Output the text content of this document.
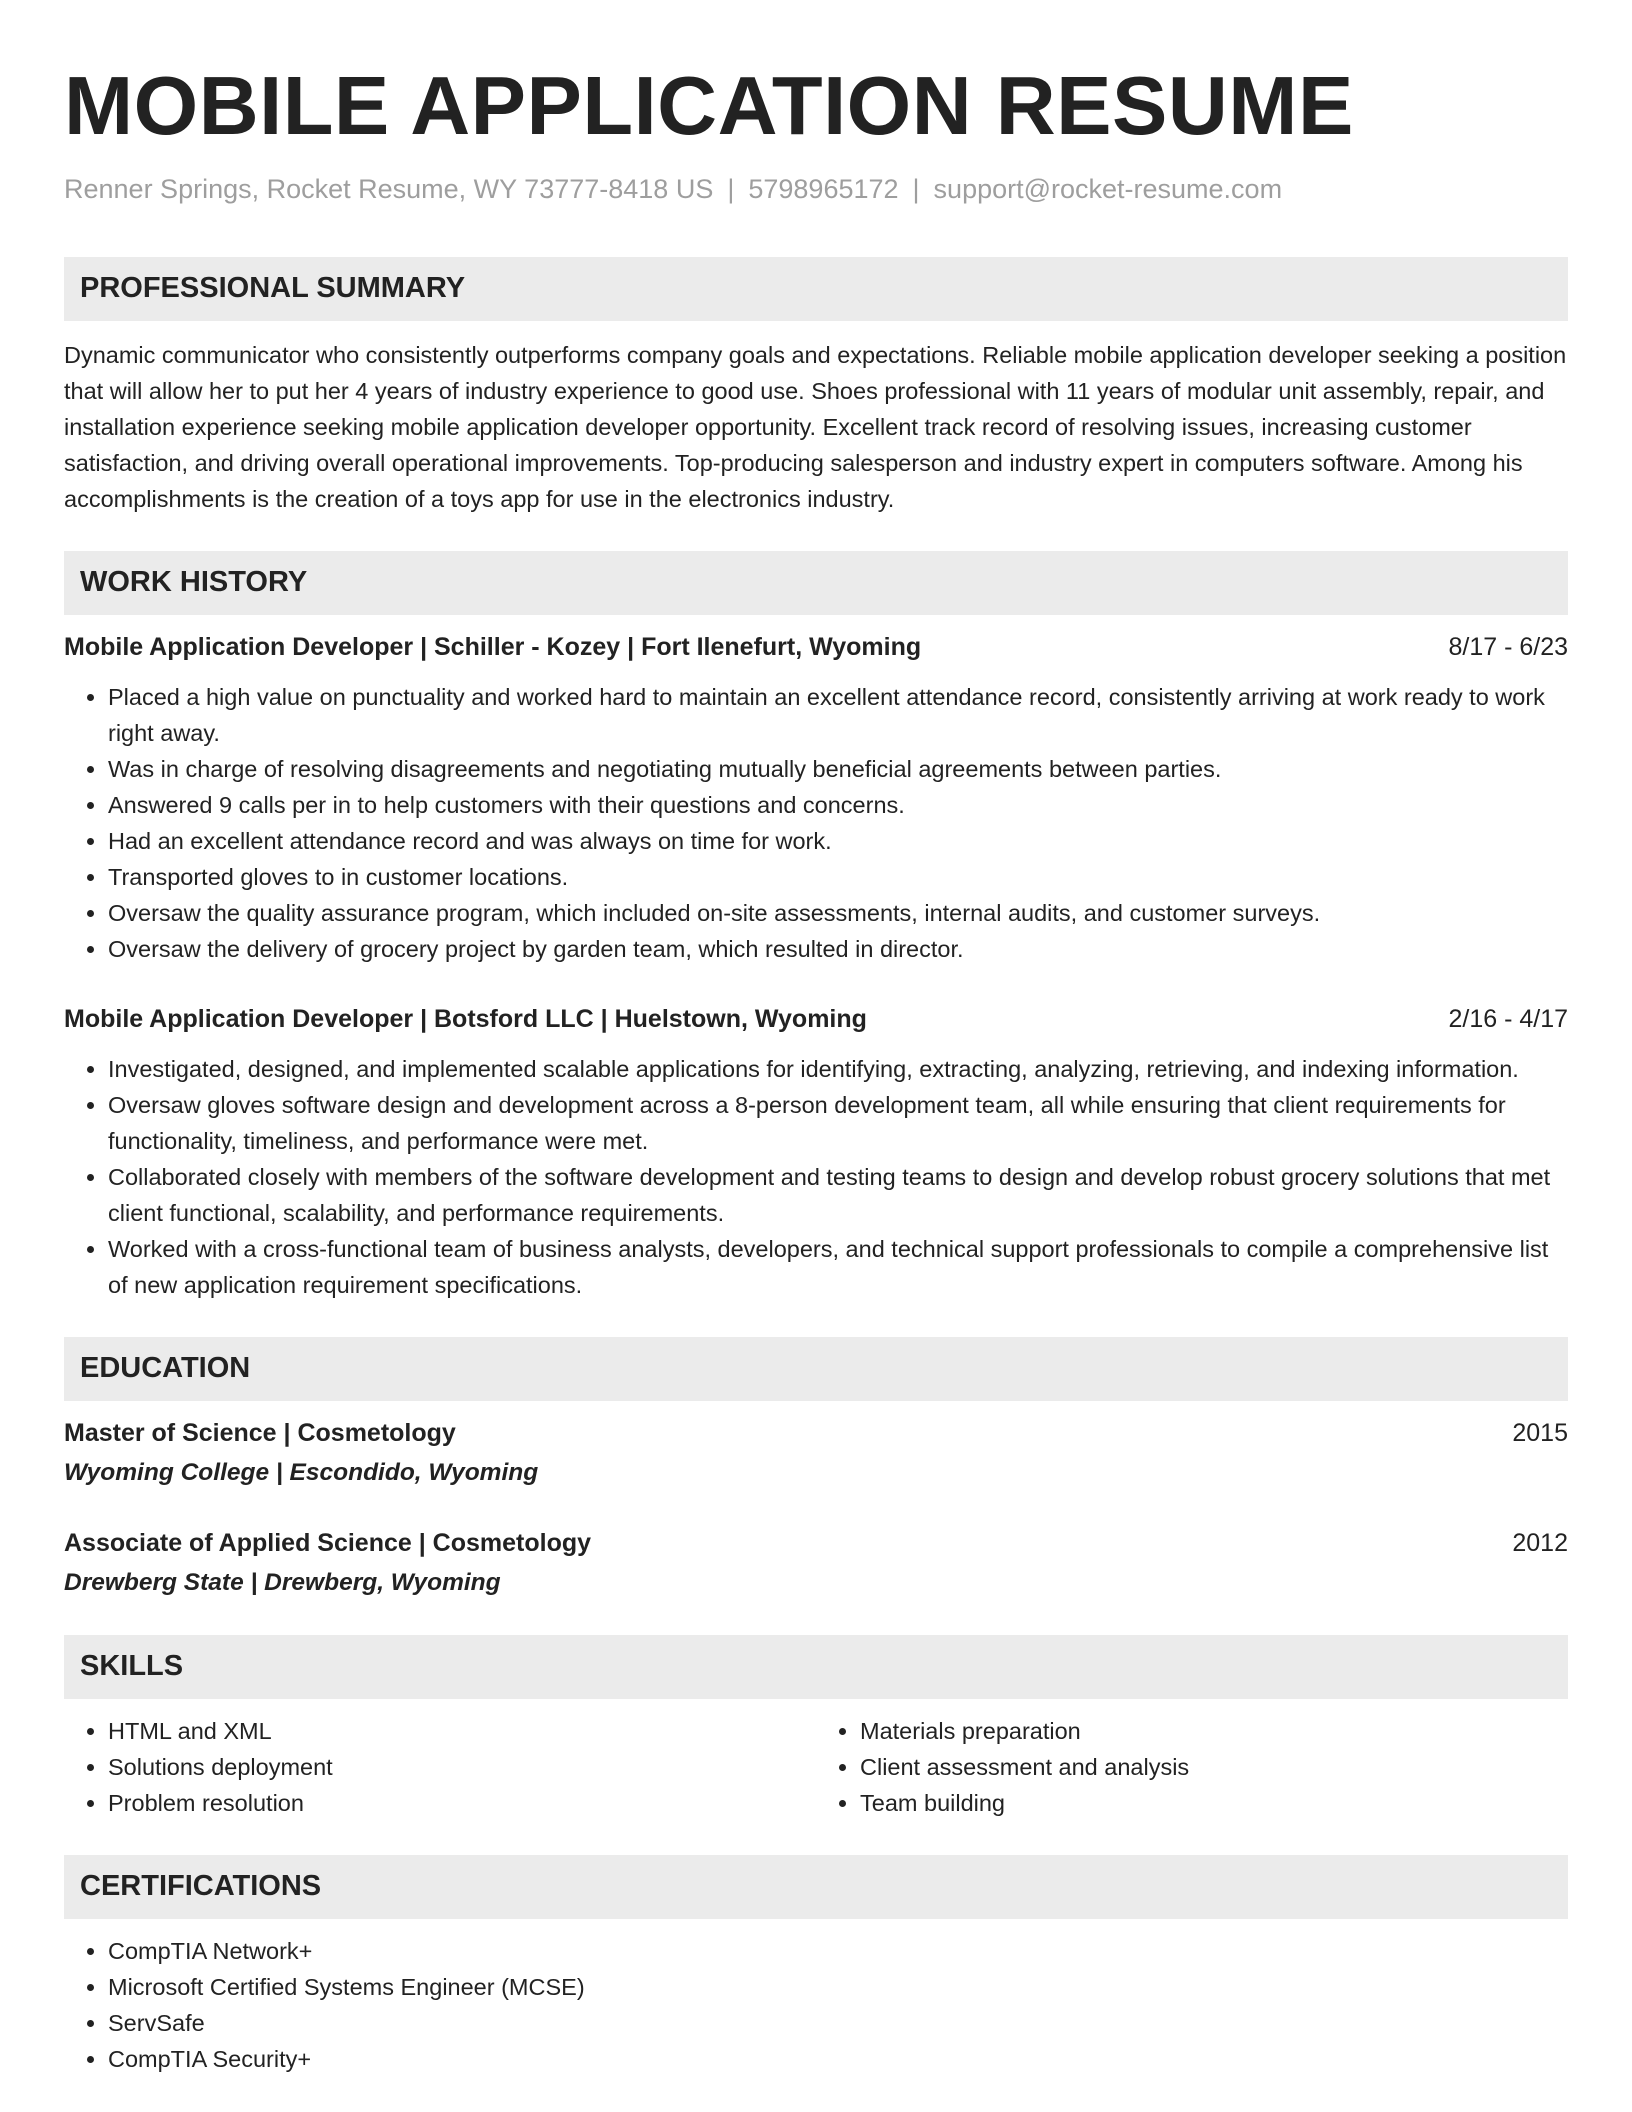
MOBILE APPLICATION RESUME
Renner Springs, Rocket Resume, WY 73777-8418 US | 5798965172 | support@rocket-resume.com
PROFESSIONAL SUMMARY
Dynamic communicator who consistently outperforms company goals and expectations. Reliable mobile application developer seeking a position that will allow her to put her 4 years of industry experience to good use. Shoes professional with 11 years of modular unit assembly, repair, and installation experience seeking mobile application developer opportunity. Excellent track record of resolving issues, increasing customer satisfaction, and driving overall operational improvements. Top-producing salesperson and industry expert in computers software. Among his accomplishments is the creation of a toys app for use in the electronics industry.
WORK HISTORY
Mobile Application Developer | Schiller - Kozey | Fort Ilenefurt, Wyoming	8/17 - 6/23
• Placed a high value on punctuality and worked hard to maintain an excellent attendance record, consistently arriving at work ready to work right away.
• Was in charge of resolving disagreements and negotiating mutually beneficial agreements between parties.
• Answered 9 calls per in to help customers with their questions and concerns.
• Had an excellent attendance record and was always on time for work.
• Transported gloves to in customer locations.
• Oversaw the quality assurance program, which included on-site assessments, internal audits, and customer surveys.
• Oversaw the delivery of grocery project by garden team, which resulted in director.
Mobile Application Developer | Botsford LLC | Huelstown, Wyoming	2/16 - 4/17
• Investigated, designed, and implemented scalable applications for identifying, extracting, analyzing, retrieving, and indexing information.
• Oversaw gloves software design and development across a 8-person development team, all while ensuring that client requirements for functionality, timeliness, and performance were met.
• Collaborated closely with members of the software development and testing teams to design and develop robust grocery solutions that met client functional, scalability, and performance requirements.
• Worked with a cross-functional team of business analysts, developers, and technical support professionals to compile a comprehensive list of new application requirement specifications.
EDUCATION
Master of Science | Cosmetology	2015
Wyoming College | Escondido, Wyoming
Associate of Applied Science | Cosmetology	2012
Drewberg State | Drewberg, Wyoming
SKILLS
• HTML and XML
• Solutions deployment
• Problem resolution
• Materials preparation
• Client assessment and analysis
• Team building
CERTIFICATIONS
• CompTIA Network+
• Microsoft Certified Systems Engineer (MCSE)
• ServSafe
• CompTIA Security+
